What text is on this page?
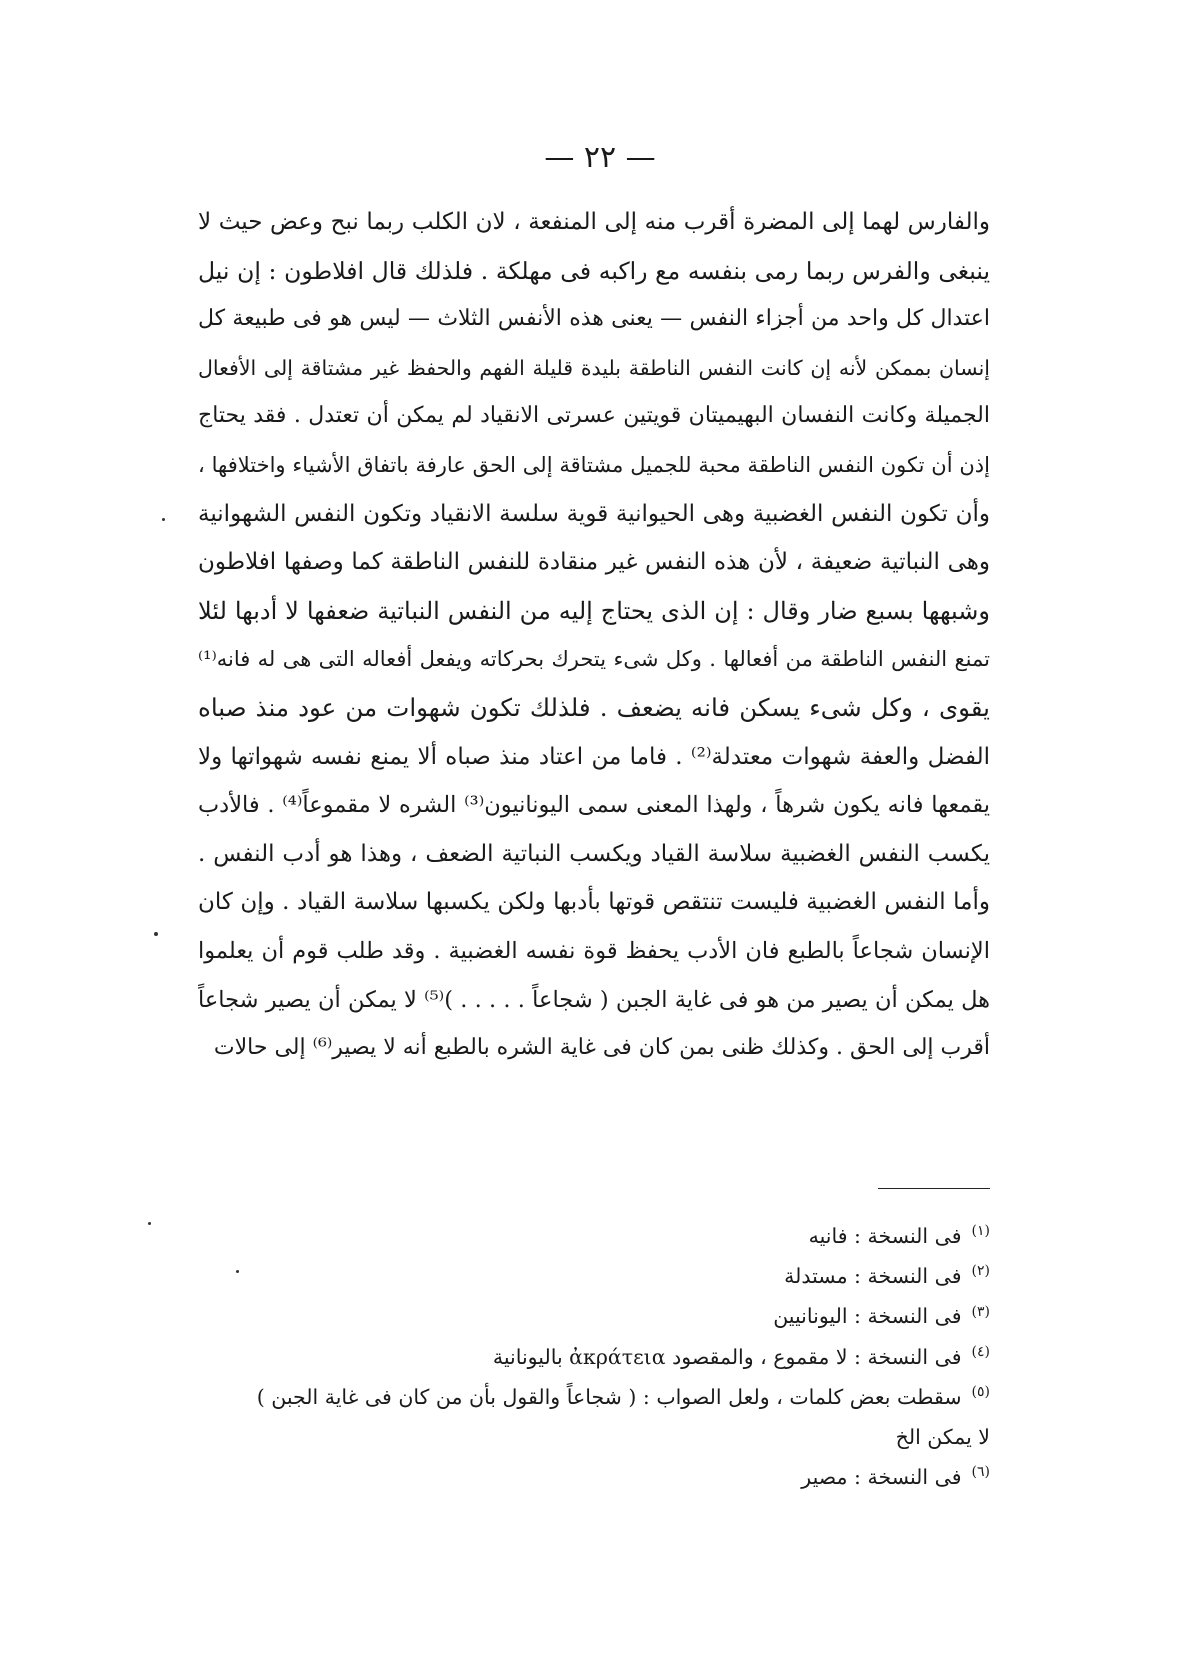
— ٢٢ —
والفارس لهما إلى المضرة أقرب منه إلى المنفعة ، لان الكلب ربما نبح وعض حيث لا
ينبغى والفرس ربما رمى بنفسه مع راكبه فى مهلكة . فلذلك قال افلاطون : إن نيل
اعتدال كل واحد من أجزاء النفس — يعنى هذه الأنفس الثلاث — ليس هو فى طبيعة كل
إنسان بممكن لأنه إن كانت النفس الناطقة بليدة قليلة الفهم والحفظ غير مشتاقة إلى الأفعال
الجميلة وكانت النفسان البهيميتان قويتين عسرتى الانقياد لم يمكن أن تعتدل . فقد يحتاج
إذن أن تكون النفس الناطقة محبة للجميل مشتاقة إلى الحق عارفة باتفاق الأشياء واختلافها ،
وأن تكون النفس الغضبية وهى الحيوانية قوية سلسة الانقياد وتكون النفس الشهوانية
وهى النباتية ضعيفة ، لأن هذه النفس غير منقادة للنفس الناطقة كما وصفها افلاطون
وشبهها بسبع ضار وقال : إن الذى يحتاج إليه من النفس النباتية ضعفها لا أدبها لئلا
تمنع النفس الناطقة من أفعالها . وكل شىء يتحرك بحركاته ويفعل أفعاله التى هى له فانه⁽¹⁾
يقوى ، وكل شىء يسكن فانه يضعف . فلذلك تكون شهوات من عود منذ صباه
الفضل والعفة شهوات معتدلة⁽²⁾ . فاما من اعتاد منذ صباه ألا يمنع نفسه شهواتها ولا
يقمعها فانه يكون شرهاً ، ولهذا المعنى سمى اليونانيون⁽³⁾ الشره لا مقموعاً⁽⁴⁾ . فالأدب
يكسب النفس الغضبية سلاسة القياد ويكسب النباتية الضعف ، وهذا هو أدب النفس .
وأما النفس الغضبية فليست تنتقص قوتها بأدبها ولكن يكسبها سلاسة القياد . وإن كان
الإنسان شجاعاً بالطبع فان الأدب يحفظ قوة نفسه الغضبية . وقد طلب قوم أن يعلموا
هل يمكن أن يصير من هو فى غاية الجبن ( شجاعاً . . . . . )⁽⁵⁾ لا يمكن أن يصير شجاعاً
أقرب إلى الحق . وكذلك ظنى بمن كان فى غاية الشره بالطبع أنه لا يصير⁽⁶⁾ إلى حالات
(١)فى النسخة : فانيه
(٢)فى النسخة : مستدلة
(٣)فى النسخة : اليونانيين
(٤)فى النسخة : لا مقموع ، والمقصود ἀκράτεια باليونانية
(٥)سقطت بعض كلمات ، ولعل الصواب : ( شجاعاً والقول بأن من كان فى غاية الجبن )
لا يمكن الخ
(٦)فى النسخة : مصير
